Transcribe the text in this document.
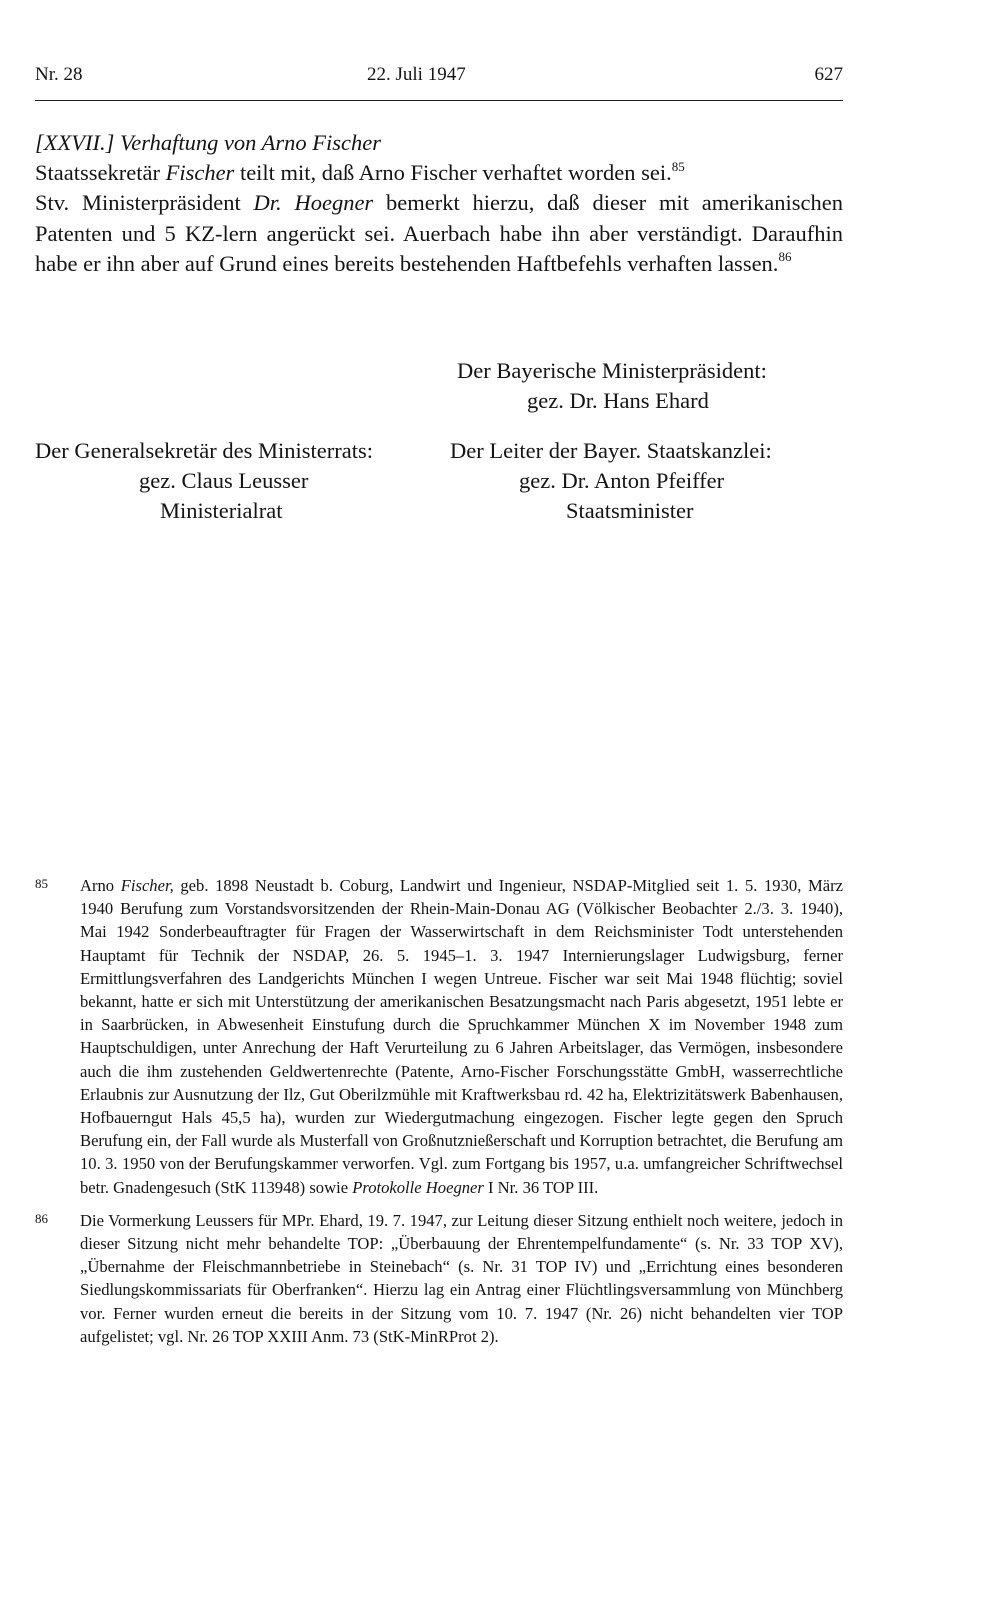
Nr. 28	22. Juli 1947	627

[XXVII.] Verhaftung von Arno Fischer

Staatssekretär Fischer teilt mit, daß Arno Fischer verhaftet worden sei.$^{85}$

Stv. Ministerpräsident Dr. Hoegner bemerkt hierzu, daß dieser mit amerikanischen Patenten und 5 KZ-lern angerückt sei. Auerbach habe ihn aber verständigt. Daraufhin habe er ihn aber auf Grund eines bereits bestehenden Haftbefehls verhaften lassen.$^{86}$

Der Bayerische Ministerpräsident:
gez. Dr. Hans Ehard
Der Generalsekretär des Ministerrats:
gez. Claus Leusser
Ministerialrat
Der Leiter der Bayer. Staatskanzlei:
gez. Dr. Anton Pfeiffer
Staatsminister

85 Arno Fischer, geb. 1898 Neustadt b. Coburg, Landwirt und Ingenieur, NSDAP-Mitglied seit 1. 5. 1930, März 1940 Berufung zum Vorstandsvorsitzenden der Rhein-Main-Donau AG (Völkischer Beobachter 2./3. 3. 1940), Mai 1942 Sonderbeauftragter für Fragen der Wasserwirtschaft in dem Reichsminister Todt unterstehenden Hauptamt für Technik der NSDAP, 26. 5. 1945–1. 3. 1947 Internierungslager Ludwigsburg, ferner Ermittlungsverfahren des Landgerichts München I wegen Untreue. Fischer war seit Mai 1948 flüchtig; soviel bekannt, hatte er sich mit Unterstützung der amerikanischen Besatzungsmacht nach Paris abgesetzt, 1951 lebte er in Saarbrücken, in Abwesenheit Einstufung durch die Spruchkammer München X im November 1948 zum Hauptschuldigen, unter Anrechung der Haft Verurteilung zu 6 Jahren Arbeitslager, das Vermögen, insbesondere auch die ihm zustehenden Geldwertenrechte (Patente, Arno-Fischer Forschungsstätte GmbH, wasserrechtliche Erlaubnis zur Ausnutzung der Ilz, Gut Oberilzmühle mit Kraftwerksbau rd. 42 ha, Elektrizitätswerk Babenhausen, Hofbauerngut Hals 45,5 ha), wurden zur Wiedergutmachung eingezogen. Fischer legte gegen den Spruch Berufung ein, der Fall wurde als Musterfall von Großnutznießerschaft und Korruption betrachtet, die Berufung am 10. 3. 1950 von der Berufungskammer verworfen. Vgl. zum Fortgang bis 1957, u.a. umfangreicher Schriftwechsel betr. Gnadengesuch (StK 113948) sowie Protokolle Hoegner I Nr. 36 TOP III.

86 Die Vormerkung Leussers für MPr. Ehard, 19. 7. 1947, zur Leitung dieser Sitzung enthielt noch weitere, jedoch in dieser Sitzung nicht mehr behandelte TOP: „Überbauung der Ehrentempelfundamente“ (s. Nr. 33 TOP XV), „Übernahme der Fleischmannbetriebe in Steinebach“ (s. Nr. 31 TOP IV) und „Errichtung eines besonderen Siedlungskommissariats für Oberfranken“. Hierzu lag ein Antrag einer Flüchtlingsversammlung von Münchberg vor. Ferner wurden erneut die bereits in der Sitzung vom 10. 7. 1947 (Nr. 26) nicht behandelten vier TOP aufgelistet; vgl. Nr. 26 TOP XXIII Anm. 73 (StK-MinRProt 2).
